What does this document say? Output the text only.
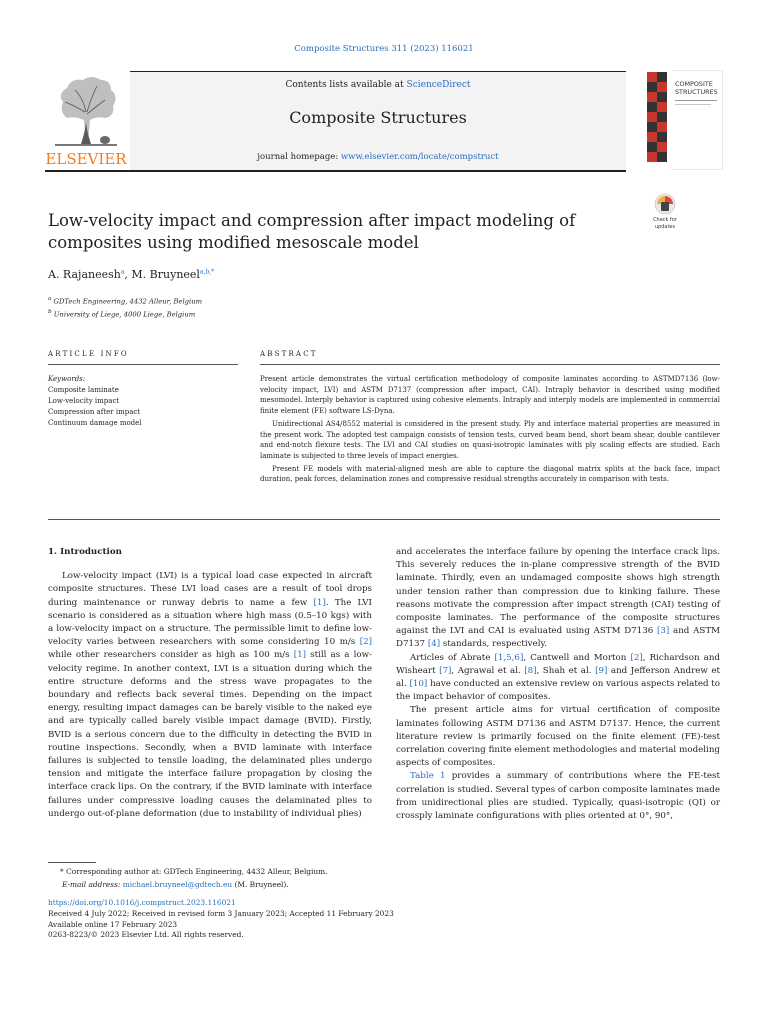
Composite Structures 311 (2023) 116021
ELSEVIER
Contents lists available at ScienceDirect
Composite Structures
journal homepage: www.elsevier.com/locate/compstruct
COMPOSITE
STRUCTURES
Low-velocity impact and compression after impact modeling of composites using modified mesoscale model
Check for
updates
A. Rajaneesh$^a$, M. Bruyneel$^{a,b,*}$
$^a$ GDTech Engineering, 4432 Alleur, Belgium
$^b$ University of Liege, 4000 Liege, Belgium
ARTICLE INFO	ABSTRACT
Keywords:
Composite laminate
Low-velocity impact
Compression after impact
Continuum damage model

Present article demonstrates the virtual certification methodology of composite laminates according to ASTMD7136 (low-velocity impact, LVI) and ASTM D7137 (compression after impact, CAI). Intraply behavior is described using modified mesomodel. Interply behavior is captured using cohesive elements. Intraply and interply models are implemented in commercial finite element (FE) software LS-Dyna.

Unidirectional AS4/8552 material is considered in the present study. Ply and interface material properties are measured in the present work. The adopted test campaign consists of tension tests, curved beam bend, short beam shear, double cantilever and end-notch flexure tests. The LVI and CAI studies on quasi-isotropic laminates with ply scaling effects are studied. Each laminate is subjected to three levels of impact energies.

Present FE models with material-aligned mesh are able to capture the diagonal matrix splits at the back face, impact duration, peak forces, delamination zones and compressive residual strengths accurately in comparison with tests.

1. Introduction

Low-velocity impact (LVI) is a typical load case expected in aircraft composite structures. These LVI load cases are a result of tool drops during maintenance or runway debris to name a few [1]. The LVI scenario is considered as a situation where high mass (0.5–10 kgs) with a low-velocity impact on a structure. The permissible limit to define low-velocity varies between researchers with some considering 10 m/s [2] while other researchers consider as high as 100 m/s [1] still as a low-velocity regime. In another context, LVI is a situation during which the entire structure deforms and the stress wave propagates to the boundary and reflects back several times. Depending on the impact energy, resulting impact damages can be barely visible to the naked eye and are typically called barely visible impact damage (BVID). Firstly, BVID is a serious concern due to the difficulty in detecting the BVID in routine inspections. Secondly, when a BVID laminate with interface failures is subjected to tensile loading, the delaminated plies undergo tension and mitigate the interface failure propagation by closing the interface crack lips. On the contrary, if the BVID laminate with interface failures under compressive loading causes the delaminated plies to undergo out-of-plane deformation (due to instability of individual plies)

and accelerates the interface failure by opening the interface crack lips. This severely reduces the in-plane compressive strength of the BVID laminate. Thirdly, even an undamaged composite shows high strength under tension rather than compression due to kinking failure. These reasons motivate the compression after impact strength (CAI) testing of composite laminates. The performance of the composite structures against the LVI and CAI is evaluated using ASTM D7136 [3] and ASTM D7137 [4] standards, respectively.

Articles of Abrate [1,5,6], Cantwell and Morton [2], Richardson and Wisheart [7], Agrawal et al. [8], Shah et al. [9] and Jefferson Andrew et al. [10] have conducted an extensive review on various aspects related to the impact behavior of composites.

The present article aims for virtual certification of composite laminates following ASTM D7136 and ASTM D7137. Hence, the current literature review is primarily focused on the finite element (FE)-test correlation covering finite element methodologies and material modeling aspects of composites.

Table 1 provides a summary of contributions where the FE-test correlation is studied. Several types of carbon composite laminates made from unidirectional plies are studied. Typically, quasi-isotropic (QI) or crossply laminate configurations with plies oriented at 0°, 90°,

* Corresponding author at: GDTech Engineering, 4432 Alleur, Belgium.
E-mail address: michael.bruyneel@gdtech.eu (M. Bruyneel).
https://doi.org/10.1016/j.compstruct.2023.116021
Received 4 July 2022; Received in revised form 3 January 2023; Accepted 11 February 2023
Available online 17 February 2023
0263-8223/© 2023 Elsevier Ltd. All rights reserved.
